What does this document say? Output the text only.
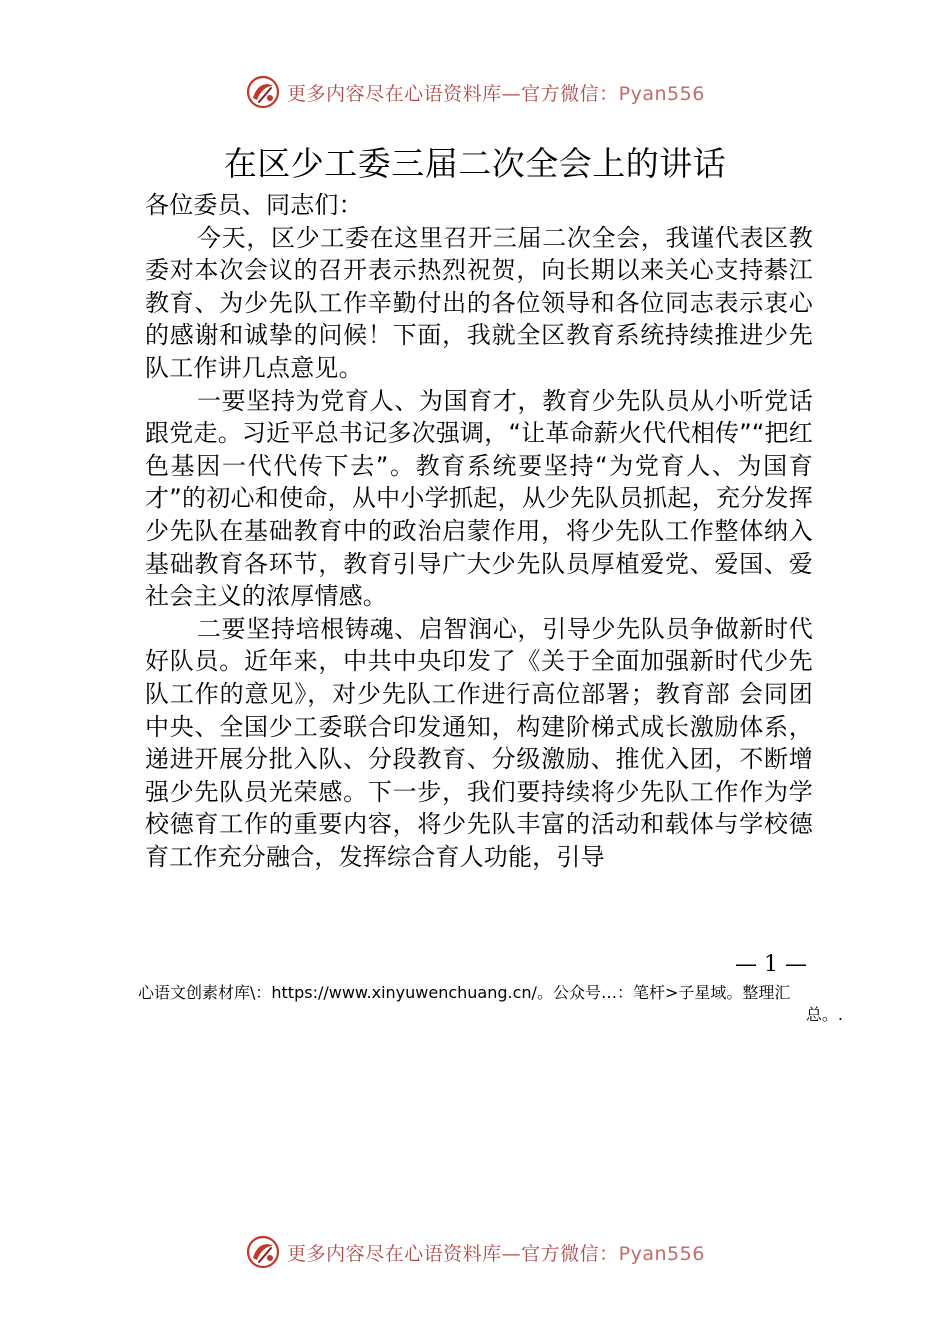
更多内容尽在心语资料库—官方微信：Pyan556
在区少工委三届二次全会上的讲话

各位委员、同志们：

今天，区少工委在这里召开三届二次全会，我谨代表区教委对本次会议的召开表示热烈祝贺，向长期以来关心支持綦江教育、为少先队工作辛勤付出的各位领导和各位同志表示衷心的感谢和诚挚的问候！下面，我就全区教育系统持续推进少先队工作讲几点意见。

一要坚持为党育人、为国育才，教育少先队员从小听党话跟党走。习近平总书记多次强调，“让革命薪火代代相传”“把红色基因一代代传下去”。教育系统要坚持“为党育人、为国育才”的初心和使命，从中小学抓起，从少先队员抓起，充分发挥少先队在基础教育中的政治启蒙作用，将少先队工作整体纳入基础教育各环节，教育引导广大少先队员厚植爱党、爱国、爱社会主义的浓厚情感。

二要坚持培根铸魂、启智润心，引导少先队员争做新时代好队员。近年来，中共中央印发了《关于全面加强新时代少先队工作的意见》，对少先队工作进行高位部署；教育部 会同团中央、全国少工委联合印发通知，构建阶梯式成长激励体系，递进开展分批入队、分段教育、分级激励、推优入团，不断增强少先队员光荣感。下一步，我们要持续将少先队工作作为学校德育工作的重要内容，将少先队丰富的活动和载体与学校德育工作充分融合，发挥综合育人功能，引导

— 1 —
心语文创素材库\：https://www.xinyuwenchuang.cn/。公众号…：笔杆>子星域。整理汇
总。.
更多内容尽在心语资料库—官方微信：Pyan556
